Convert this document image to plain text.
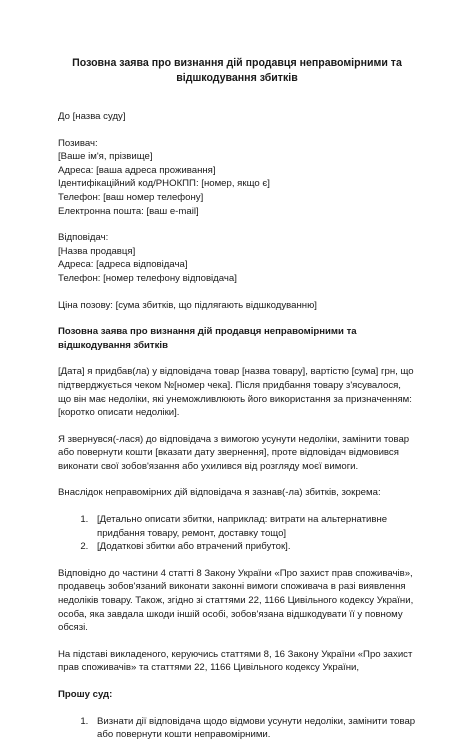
Позовна заява про визнання дій продавця неправомірними та відшкодування збитків

До [назва суду]

Позивач:
[Ваше ім'я, прізвище]
Адреса: [ваша адреса проживання]
Ідентифікаційний код/РНОКПП: [номер, якщо є]
Телефон: [ваш номер телефону]
Електронна пошта: [ваш e-mail]
Відповідач:
[Назва продавця]
Адреса: [адреса відповідача]
Телефон: [номер телефону відповідача]

Ціна позову: [сума збитків, що підлягають відшкодуванню]

Позовна заява про визнання дій продавця неправомірними та відшкодування збитків

[Дата] я придбав(ла) у відповідача товар [назва товару], вартістю [сума] грн, що підтверджується чеком №[номер чека]. Після придбання товару з'ясувалося, що він має недоліки, які унеможливлюють його використання за призначенням: [коротко описати недоліки].

Я звернувся(-лася) до відповідача з вимогою усунути недоліки, замінити товар або повернути кошти [вказати дату звернення], проте відповідач відмовився виконати свої зобов'язання або ухилився від розгляду моєї вимоги.

Внаслідок неправомірних дій відповідача я зазнав(-ла) збитків, зокрема:

1. [Детально описати збитки, наприклад: витрати на альтернативне придбання товару, ремонт, доставку тощо]
2. [Додаткові збитки або втрачений прибуток].

Відповідно до частини 4 статті 8 Закону України «Про захист прав споживачів», продавець зобов'язаний виконати законні вимоги споживача в разі виявлення недоліків товару. Також, згідно зі статтями 22, 1166 Цивільного кодексу України, особа, яка завдала шкоди іншій особі, зобов'язана відшкодувати її у повному обсязі.

На підставі викладеного, керуючись статтями 8, 16 Закону України «Про захист прав споживачів» та статтями 22, 1166 Цивільного кодексу України,

Прошу суд:

1. Визнати дії відповідача щодо відмови усунути недоліки, замінити товар або повернути кошти неправомірними.
